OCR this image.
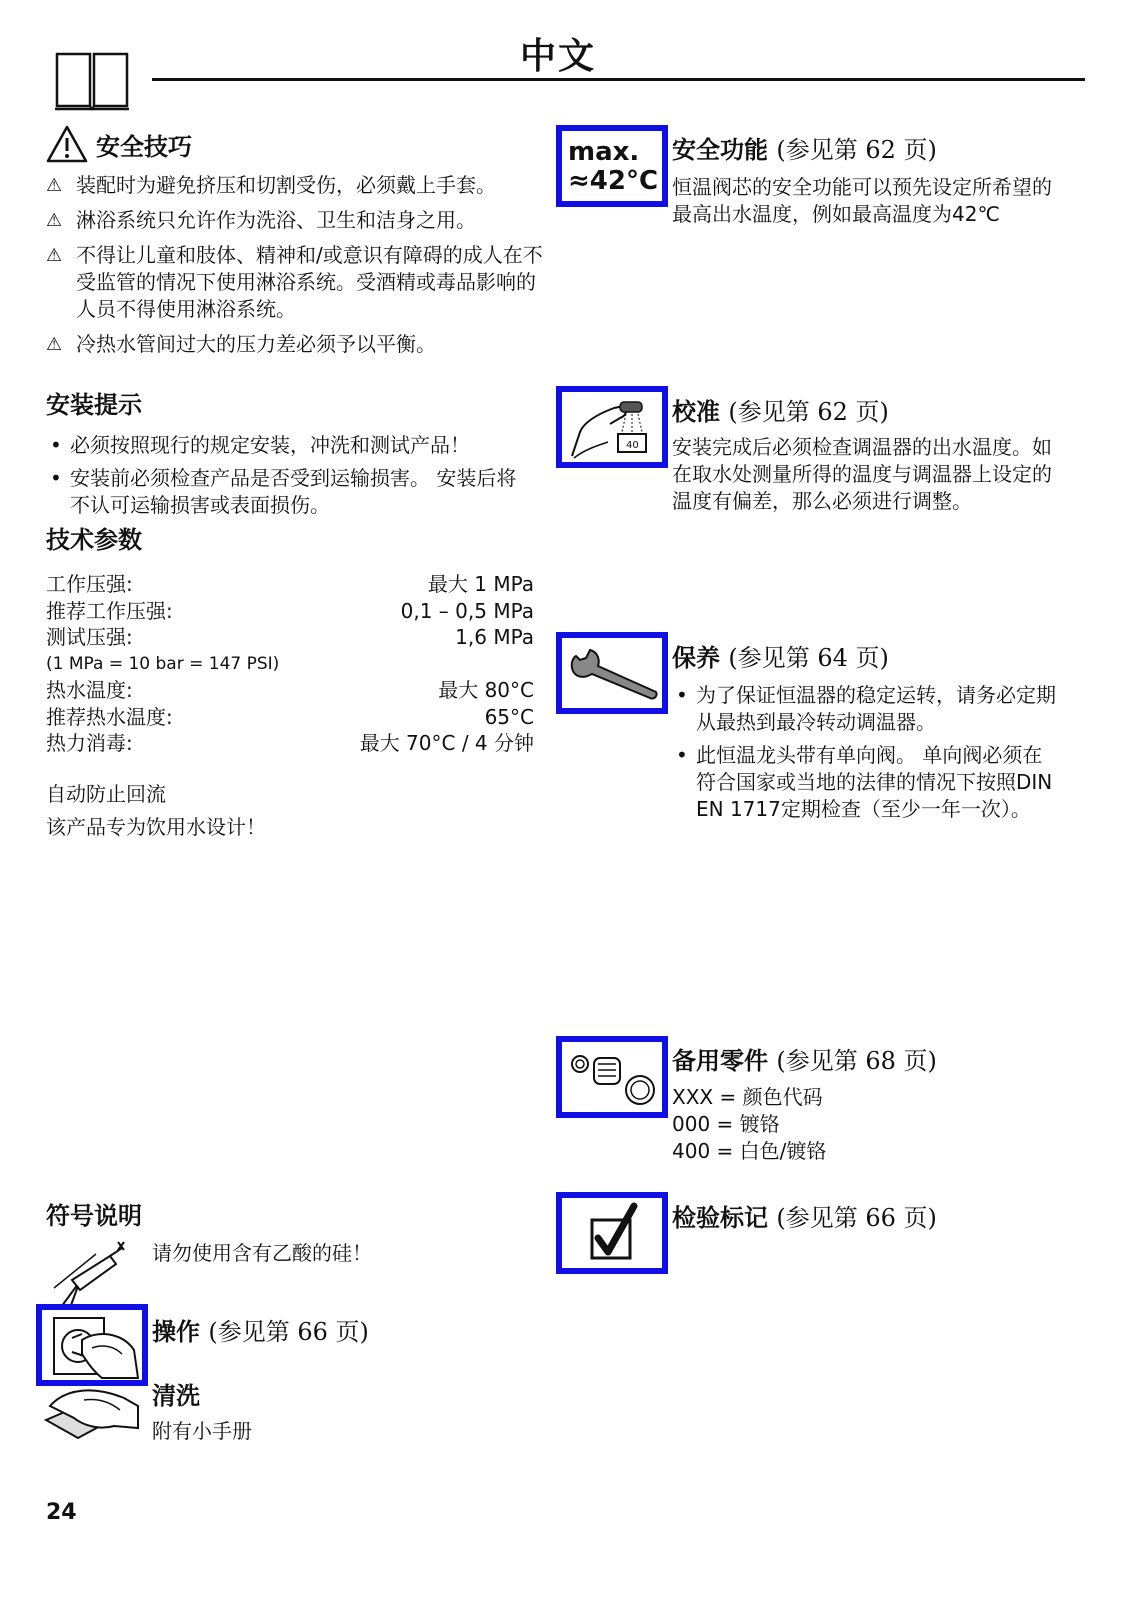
中文
安全技巧
⚠ 装配时为避免挤压和切割受伤，必须戴上手套。
⚠ 淋浴系统只允许作为洗浴、卫生和洁身之用。
⚠ 不得让儿童和肢体、精神和/或意识有障碍的成人在不受监管的情况下使用淋浴系统。受酒精或毒品影响的人员不得使用淋浴系统。
⚠ 冷热水管间过大的压力差必须予以平衡。
安装提示
• 必须按照现行的规定安装，冲洗和测试产品！
• 安装前必须检查产品是否受到运输损害。 安装后将不认可运输损害或表面损伤。
技术参数
工作压强:	最大 1 MPa
推荐工作压强:	0,1 – 0,5 MPa
测试压强:	1,6 MPa
(1 MPa = 10 bar = 147 PSI)
热水温度:	最大 80°C
推荐热水温度:	65°C
热力消毒:	最大 70°C / 4 分钟
自动防止回流
该产品专为饮用水设计！
符号说明
请勿使用含有乙酸的硅！
操作 (参见第 66 页)
清洗
附有小手册
max.
≈42°C
安全功能 (参见第 62 页)
恒温阀芯的安全功能可以预先设定所希望的最高出水温度，例如最高温度为42℃
40
校准 (参见第 62 页)
安装完成后必须检查调温器的出水温度。如在取水处测量所得的温度与调温器上设定的温度有偏差，那么必须进行调整。
保养 (参见第 64 页)
• 为了保证恒温器的稳定运转，请务必定期从最热到最冷转动调温器。
• 此恒温龙头带有单向阀。 单向阀必须在符合国家或当地的法律的情况下按照DIN EN 1717定期检查（至少一年一次）。
备用零件 (参见第 68 页)
XXX = 颜色代码
000 = 镀铬
400 = 白色/镀铬
检验标记 (参见第 66 页)
24
